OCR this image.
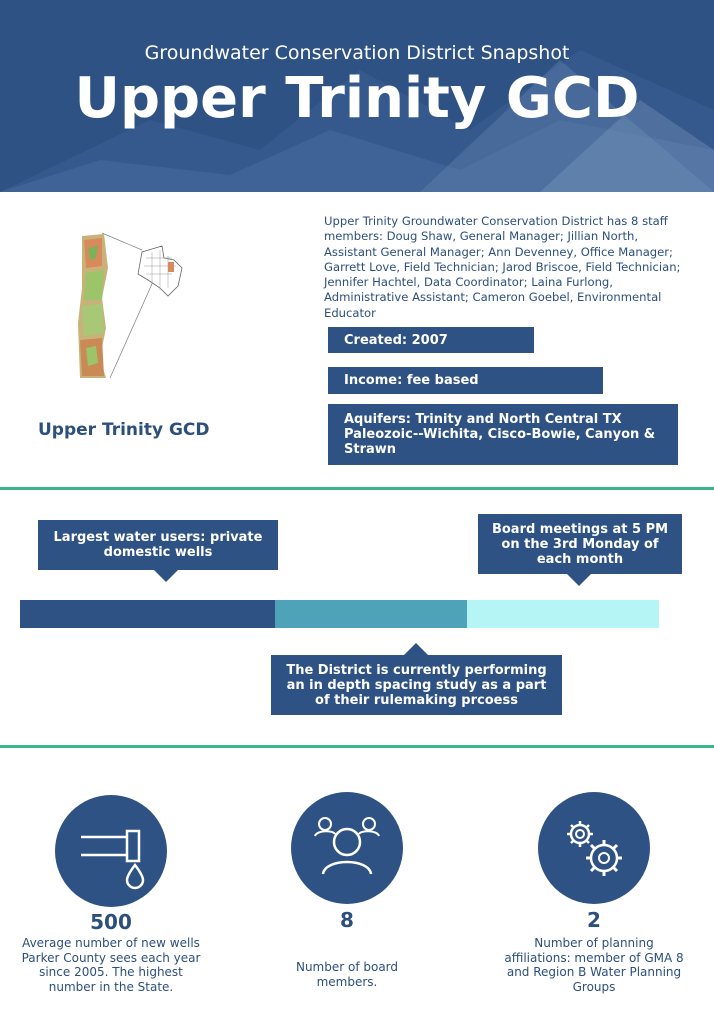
Groundwater Conservation District Snapshot
Upper Trinity GCD
Upper Trinity GCD
Upper Trinity Groundwater Conservation District has 8 staff members: Doug Shaw, General Manager; Jillian North, Assistant General Manager; Ann Devenney, Office Manager; Garrett Love, Field Technician; Jarod Briscoe, Field Technician; Jennifer Hachtel, Data Coordinator; Laina Furlong, Administrative Assistant; Cameron Goebel, Environmental Educator
Created: 2007
Income: fee based
Aquifers: Trinity and North Central TX Paleozoic--Wichita, Cisco-Bowie, Canyon & Strawn
Largest water users: private domestic wells
Board meetings at 5 PM on the 3rd Monday of each month
The District is currently performing an in depth spacing study as a part of their rulemaking prcoess
500
Average number of new wells Parker County sees each year since 2005. The highest number in the State.
8
Number of board members.
2
Number of planning affiliations: member of GMA 8 and Region B Water Planning Groups
